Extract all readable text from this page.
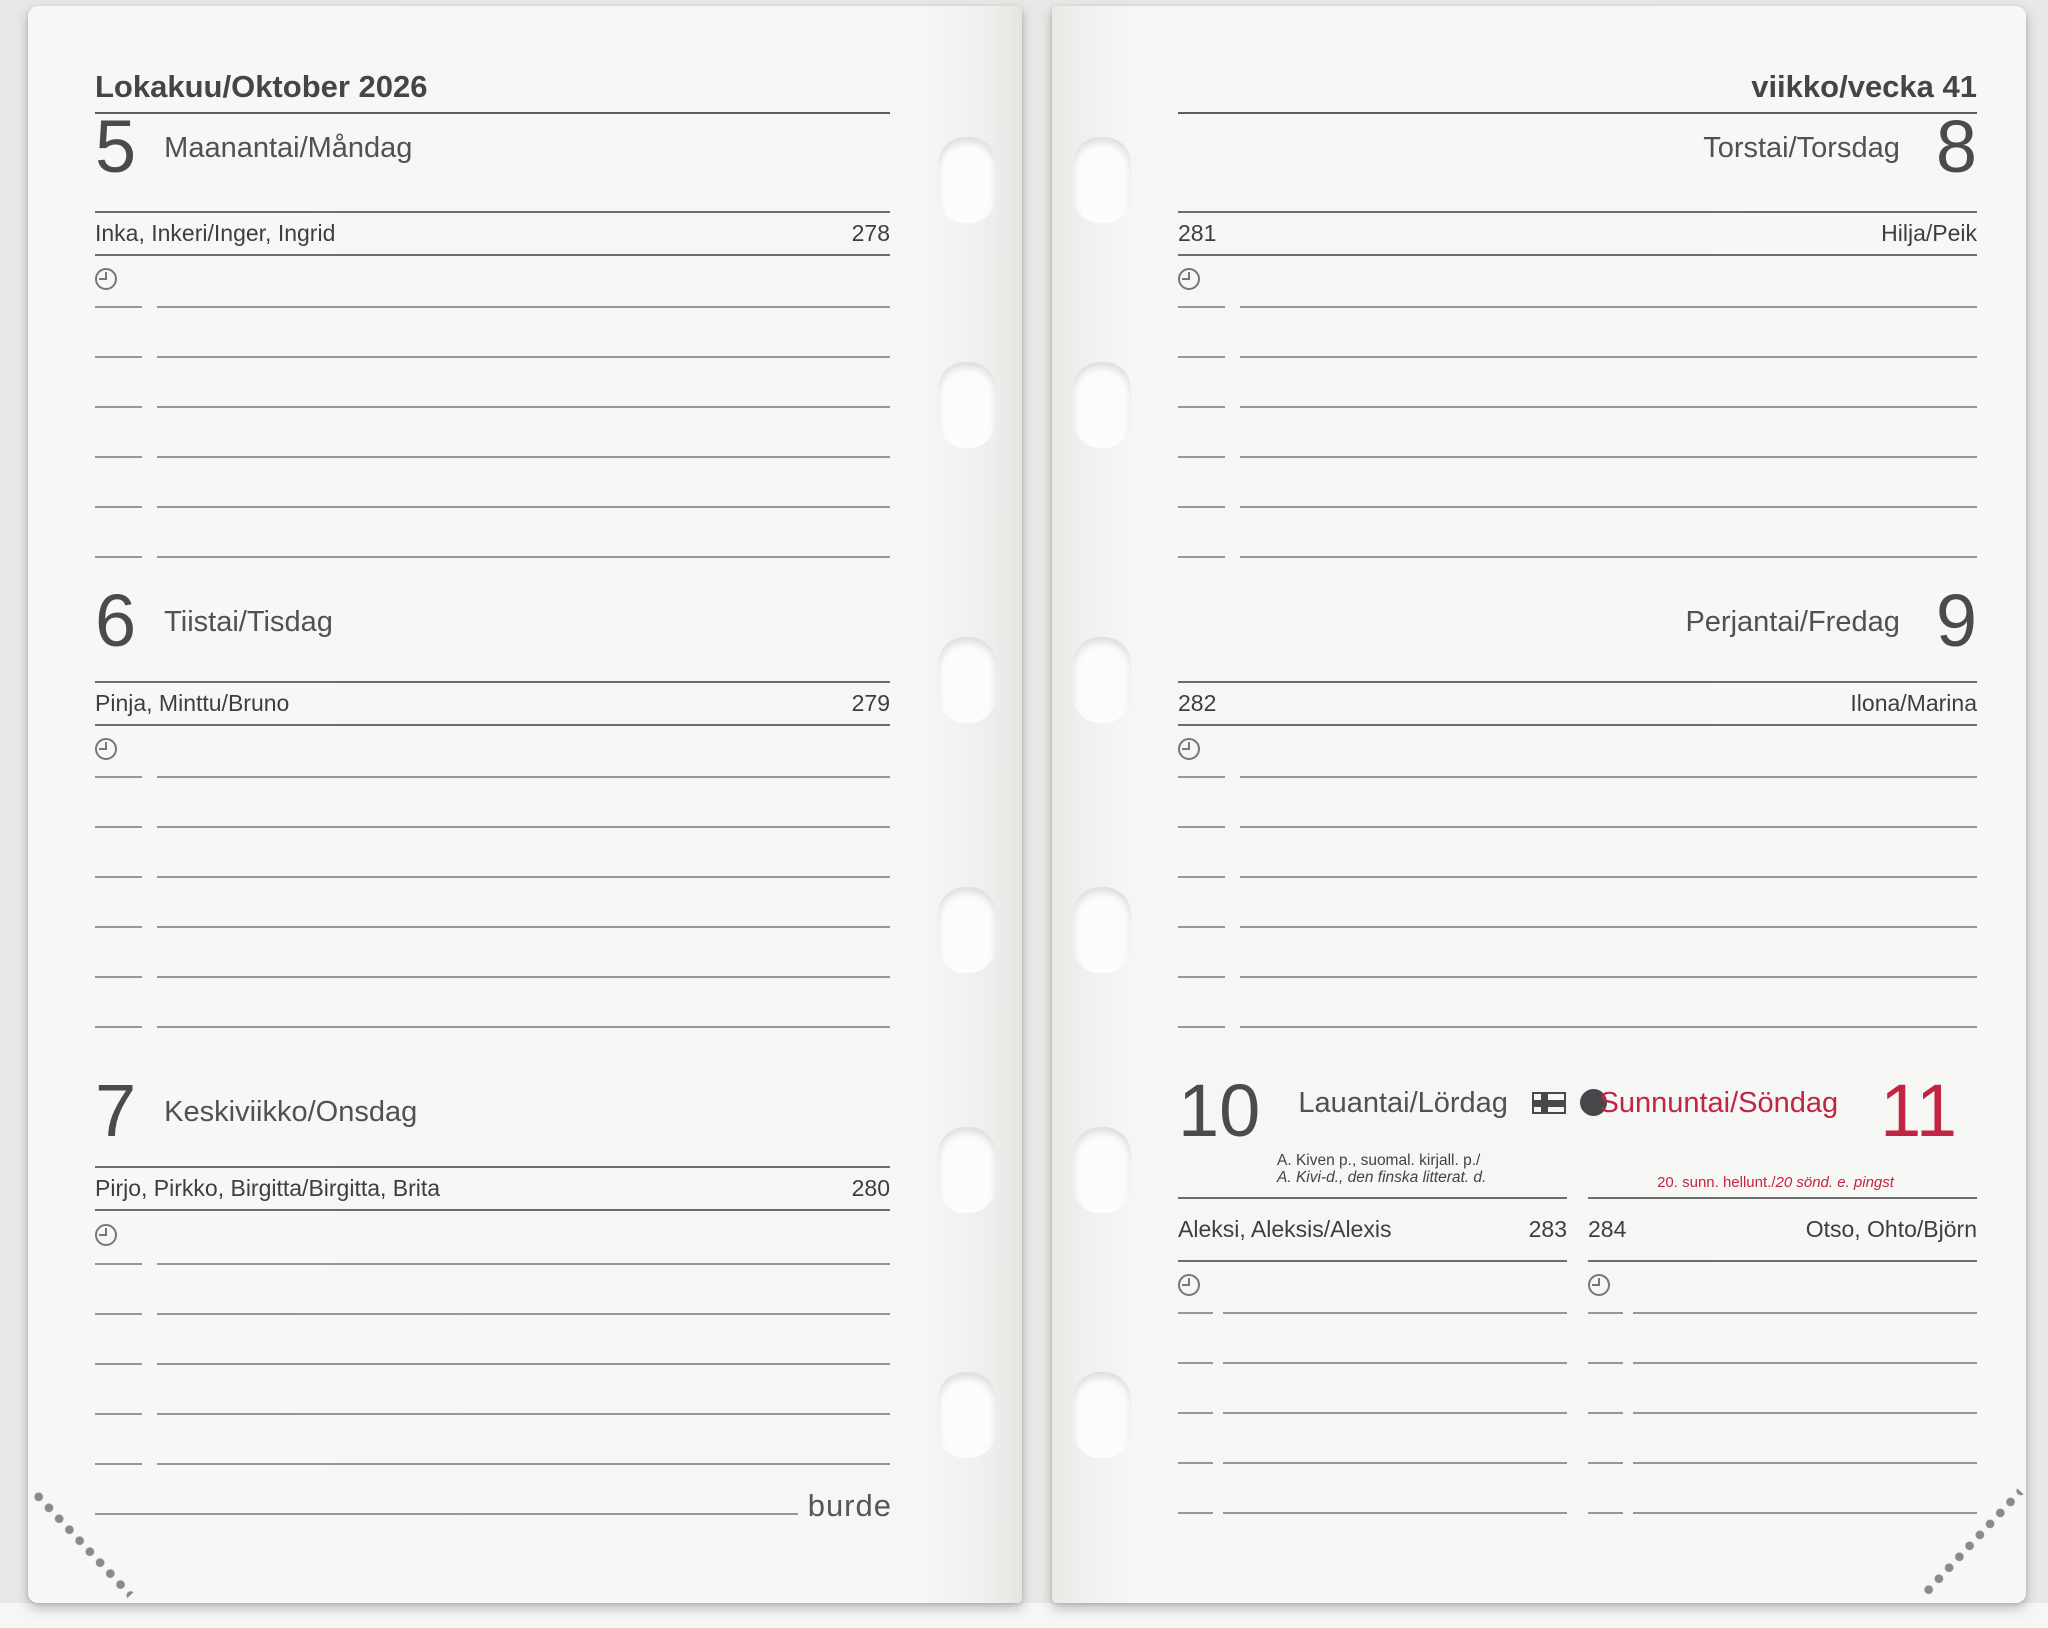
Lokakuu/Oktober 2026
5 Maanantai/Måndag
Inka, Inkeri/Inger, Ingrid	278
6 Tiistai/Tisdag
Pinja, Minttu/Bruno	279
7 Keskiviikko/Onsdag
Pirjo, Pirkko, Birgitta/Birgitta, Brita	280
burde
viikko/vecka 41
Torstai/Torsdag 8
281	Hilja/Peik
Perjantai/Fredag 9
282	Ilona/Marina
10 Lauantai/Lördag
A. Kiven p., suomal. kirjall. p./
A. Kivi-d., den finska litterat. d.
Aleksi, Aleksis/Alexis	283
Sunnuntai/Söndag 11
20. sunn. hellunt./20 sönd. e. pingst
284	Otso, Ohto/Björn
